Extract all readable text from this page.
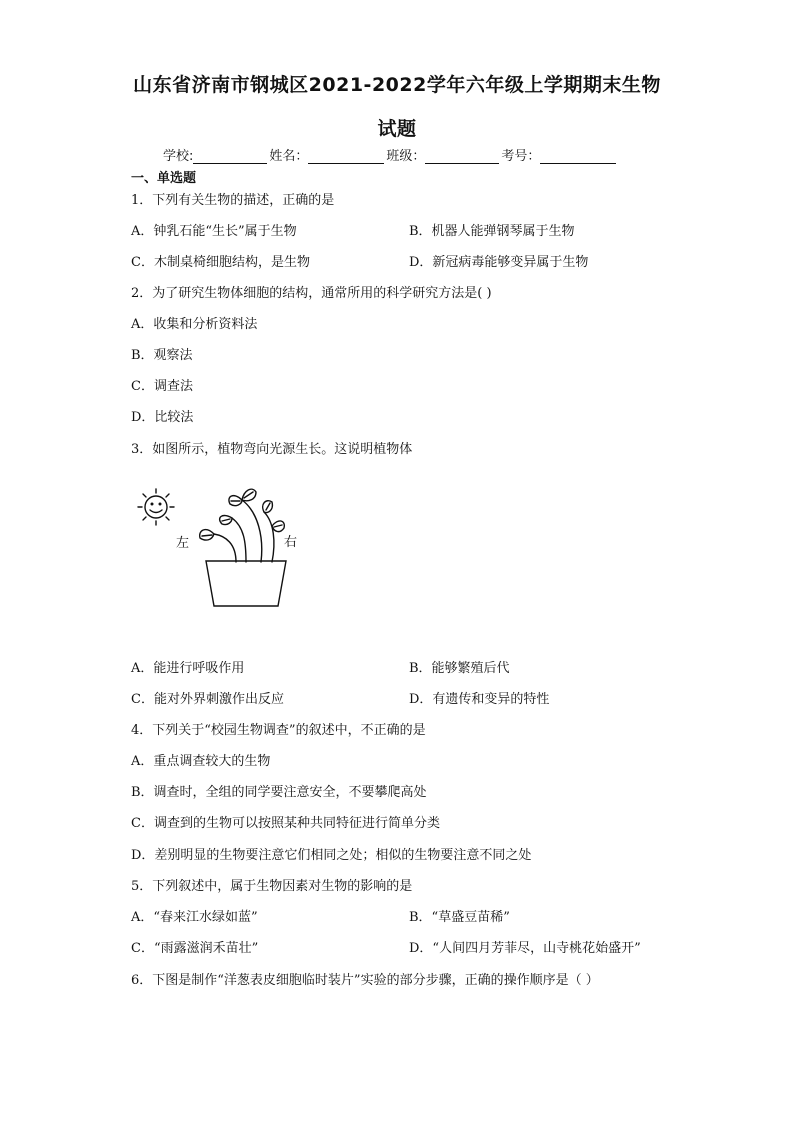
山东省济南市钢城区2021-2022学年六年级上学期期末生物
试题
学校:	姓名：	班级：	考号：
一、单选题
1．下列有关生物的描述，正确的是
A．钟乳石能“生长”属于生物	B．机器人能弹钢琴属于生物
C．木制桌椅细胞结构，是生物	D．新冠病毒能够变异属于生物
2．为了研究生物体细胞的结构，通常所用的科学研究方法是( )
A．收集和分析资料法
B．观察法
C．调查法
D．比较法
3．如图所示，植物弯向光源生长。这说明植物体
左	右
A．能进行呼吸作用	B．能够繁殖后代
C．能对外界刺激作出反应	D．有遗传和变异的特性
4．下列关于“校园生物调查”的叙述中，不正确的是
A．重点调查较大的生物
B．调查时，全组的同学要注意安全，不要攀爬高处
C．调查到的生物可以按照某种共同特征进行简单分类
D．差别明显的生物要注意它们相同之处；相似的生物要注意不同之处
5．下列叙述中，属于生物因素对生物的影响的是
A．“春来江水绿如蓝”	B．“草盛豆苗稀”
C．“雨露滋润禾苗壮”	D．“人间四月芳菲尽，山寺桃花始盛开”
6．下图是制作“洋葱表皮细胞临时装片”实验的部分步骤，正确的操作顺序是（ ）
